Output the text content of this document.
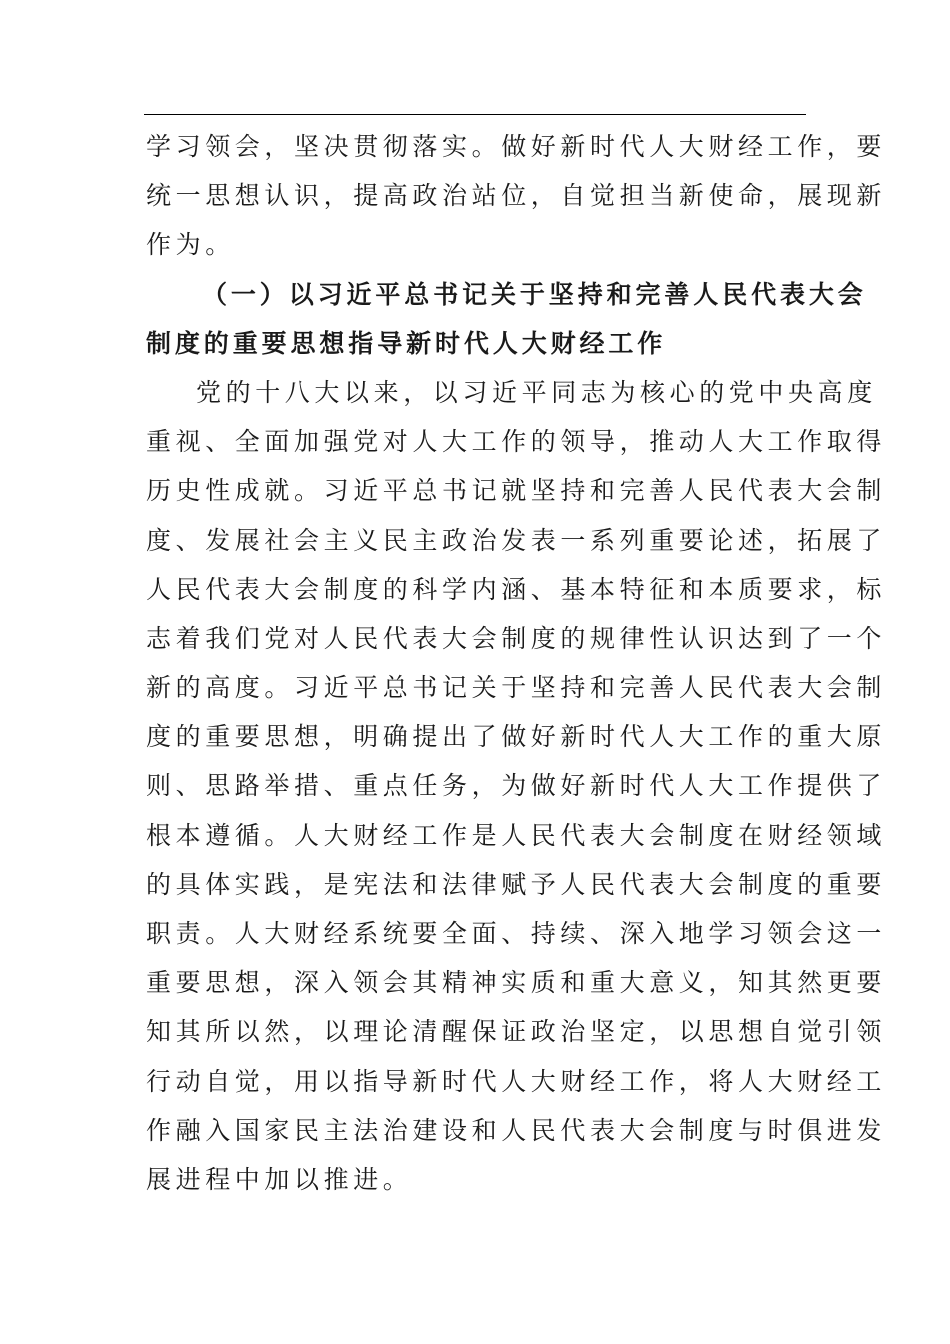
学习领会，坚决贯彻落实。做好新时代人大财经工作，要
统一思想认识，提高政治站位，自觉担当新使命，展现新
作为。
（一）以习近平总书记关于坚持和完善人民代表大会
制度的重要思想指导新时代人大财经工作
党的十八大以来，以习近平同志为核心的党中央高度
重视、全面加强党对人大工作的领导，推动人大工作取得
历史性成就。习近平总书记就坚持和完善人民代表大会制
度、发展社会主义民主政治发表一系列重要论述，拓展了
人民代表大会制度的科学内涵、基本特征和本质要求，标
志着我们党对人民代表大会制度的规律性认识达到了一个
新的高度。习近平总书记关于坚持和完善人民代表大会制
度的重要思想，明确提出了做好新时代人大工作的重大原
则、思路举措、重点任务，为做好新时代人大工作提供了
根本遵循。人大财经工作是人民代表大会制度在财经领域
的具体实践，是宪法和法律赋予人民代表大会制度的重要
职责。人大财经系统要全面、持续、深入地学习领会这一
重要思想，深入领会其精神实质和重大意义，知其然更要
知其所以然，以理论清醒保证政治坚定，以思想自觉引领
行动自觉，用以指导新时代人大财经工作，将人大财经工
作融入国家民主法治建设和人民代表大会制度与时俱进发
展进程中加以推进。
